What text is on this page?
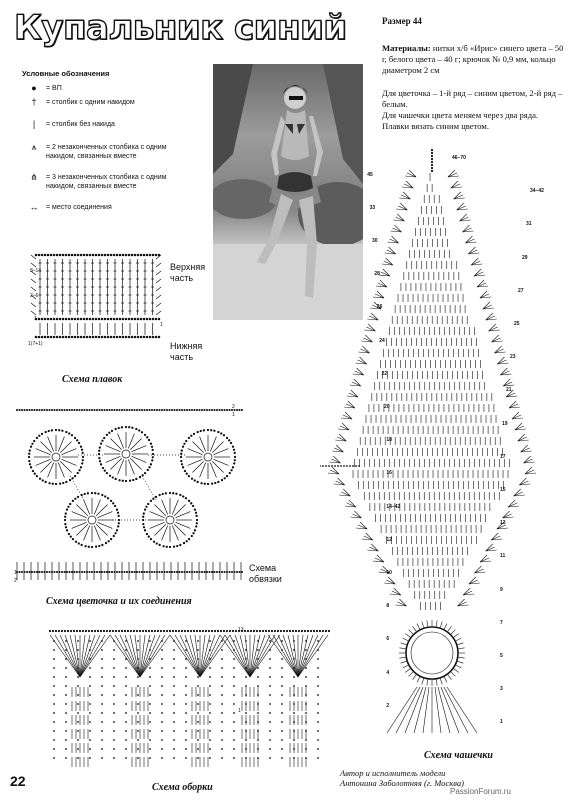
Купальник синий	Размер 44
Материалы: нитки х/б «Ирис» синего цвета – 50 г, белого цвета – 40 г; крючок № 0,9 мм, кольцо диаметром 2 см
Для цветочка – 1-й ряд – синим цветом, 2-й ряд – белым.
Для чашечки цвета меняем через два ряда.
Плавки вязать синим цветом.
Условные обозначения
●	= ВП
†	= столбик с одним накидом
|	= столбик без накида
⩚	= 2 незаконченных столбика с одним накидом, связанных вместе
⋔	= 3 незаконченных столбика с одним накидом, связанных вместе
↔	= место соединения
Верхняя часть
Нижняя часть
8–14
2–6
1
1
1(7+1)
Схема плавок
2
1
1
2
Схема обвязки
Схема цветочка и их соединения
13
1
Схема оборки
46–70
45
34–42
33
31
30
29
28
27
26
25
24
23
22
21
20
19
18
17
16
15
14–42
13
12
11
10
9
8
7
6
5
4
3
2
1
Схема чашечки
22	Автор и исполнитель модели
Антонина Заболотняя (г. Москва)
PassionForum.ru
